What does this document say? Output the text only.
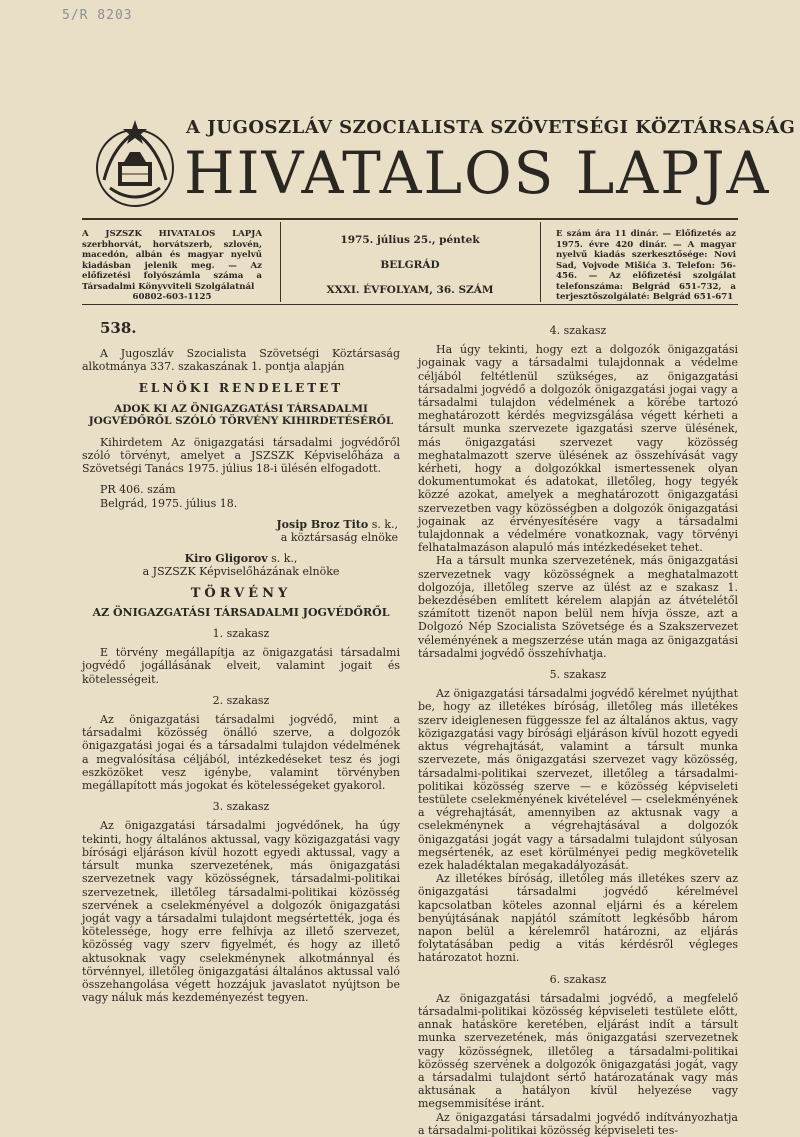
5/R 8203
A JUGOSZLÁV SZOCIALISTA SZÖVETSÉGI KÖZTÁRSASÁG
HIVATALOS LAPJA
A JSZSZK HIVATALOS LAPJA szerbhorvát, horvátszerb, szlovén, macedón, albán és magyar nyelvű kiadásban jelenik meg. — Az előfizetési folyószámla száma a Társadalmi Könyvviteli Szolgálatnál
60802-603-1125
1975. július 25., péntek
BELGRÁD
XXXI. ÉVFOLYAM, 36. SZÁM
E szám ára 11 dinár. — Előfizetés az 1975. évre 420 dinár. — A magyar nyelvű kiadás szerkesztősége: Novi Sad, Vojvode Mišića 3. Telefon: 56-456. — Az előfizetési szolgálat telefonszáma: Belgrád 651-732, a terjesztőszolgálaté: Belgrád 651-671

538.

A Jugoszláv Szocialista Szövetségi Köztársaság alkotmánya 337. szakaszának 1. pontja alapján

ELNÖKI RENDELETET

ADOK KI AZ ÖNIGAZGATÁSI TÁRSADALMI JOGVÉDŐRŐL SZÓLÓ TÖRVÉNY KIHIRDETÉSÉRŐL

Kihirdetem Az önigazgatási társadalmi jogvédőről szóló törvényt, amelyet a JSZSZK Képviselőháza a Szövetségi Tanács 1975. július 18-i ülésén elfogadott.

PR 406. szám

Belgrád, 1975. július 18.

Josip Broz Tito s. k.,

a köztársaság elnöke

Kiro Gligorov s. k.,

a JSZSZK Képviselőházának elnöke

TÖRVÉNY

AZ ÖNIGAZGATÁSI TÁRSADALMI JOGVÉDŐRŐL

1. szakasz

E törvény megállapítja az önigazgatási társadalmi jogvédő jogállásának elveit, valamint jogait és kötelességeit.

2. szakasz

Az önigazgatási társadalmi jogvédő, mint a társadalmi közösség önálló szerve, a dolgozók önigazgatási jogai és a társadalmi tulajdon védelmének a megvalósítása céljából, intézkedéseket tesz és jogi eszközöket vesz igénybe, valamint törvényben megállapított más jogokat és kötelességeket gyakorol.

3. szakasz

Az önigazgatási társadalmi jogvédőnek, ha úgy tekinti, hogy általános aktussal, vagy közigazgatási vagy bírósági eljáráson kívül hozott egyedi aktussal, vagy a társult munka szervezetének, más önigazgatási szervezetnek vagy közösségnek, társadalmi-politikai szervezetnek, illetőleg társadalmi-politikai közösség szervének a cselekményével a dolgozók önigazgatási jogát vagy a társadalmi tulajdont megsértették, joga és kötelessége, hogy erre felhívja az illető szervezet, közösség vagy szerv figyelmét, és hogy az illető aktusoknak vagy cselekménynek alkotmánnyal és törvénnyel, illetőleg önigazgatási általános aktussal való összehangolása végett hozzájuk javaslatot nyújtson be vagy náluk más kezdeményezést tegyen.

4. szakasz

Ha úgy tekinti, hogy ezt a dolgozók önigazgatási jogainak vagy a társadalmi tulajdonnak a védelme céljából feltétlenül szükséges, az önigazgatási társadalmi jogvédő a dolgozók önigazgatási jogai vagy a társadalmi tulajdon védelmének a körébe tartozó meghatározott kérdés megvizsgálása végett kérheti a társult munka szervezete igazgatási szerve ülésének, más önigazgatási szervezet vagy közösség meghatalmazott szerve ülésének az összehívását vagy kérheti, hogy a dolgozókkal ismertessenek olyan dokumentumokat és adatokat, illetőleg, hogy tegyék közzé azokat, amelyek a meghatározott önigazgatási szervezetben vagy közösségben a dolgozók önigazgatási jogainak az érvényesítésére vagy a társadalmi tulajdonnak a védelmére vonatkoznak, vagy törvényi felhatalmazáson alapuló más intézkedéseket tehet.

Ha a társult munka szervezetének, más önigazgatási szervezetnek vagy közösségnek a meghatalmazott dolgozója, illetőleg szerve az ülést az e szakasz 1. bekezdésében említett kérelem alapján az átvételétől számított tizenöt napon belül nem hívja össze, azt a Dolgozó Nép Szocialista Szövetsége és a Szakszervezet véleményének a megszerzése után maga az önigazgatási társadalmi jogvédő összehívhatja.

5. szakasz

Az önigazgatási társadalmi jogvédő kérelmet nyújthat be, hogy az illetékes bíróság, illetőleg más illetékes szerv ideiglenesen függessze fel az általános aktus, vagy közigazgatási vagy bírósági eljáráson kívül hozott egyedi aktus végrehajtását, valamint a társult munka szervezete, más önigazgatási szervezet vagy közösség, társadalmi-politikai szervezet, illetőleg a társadalmi-politikai közösség szerve — e közösség képviseleti testülete cselekményének kivételével — cselekményének a végrehajtását, amennyiben az aktusnak vagy a cselekménynek a végrehajtásával a dolgozók önigazgatási jogát vagy a társadalmi tulajdont súlyosan megsértenék, az eset körülményei pedig megkövetelik ezek haladéktalan megakadályozását.

Az illetékes bíróság, illetőleg más illetékes szerv az önigazgatási társadalmi jogvédő kérelmével kapcsolatban köteles azonnal eljárni és a kérelem benyújtásának napjától számított legkésőbb három napon belül a kérelemről határozni, az eljárás folytatásában pedig a vitás kérdésről végleges határozatot hozni.

6. szakasz

Az önigazgatási társadalmi jogvédő, a megfelelő társadalmi-politikai közösség képviseleti testülete előtt, annak hatásköre keretében, eljárást indít a társult munka szervezetének, más önigazgatási szervezetnek vagy közösségnek, illetőleg a társadalmi-politikai közösség szervének a dolgozók önigazgatási jogát, vagy a társadalmi tulajdont sértő határozatának vagy más aktusának a hatályon kívül helyezése vagy megsemmisítése iránt.

Az önigazgatási társadalmi jogvédő indítványozhatja a társadalmi-politikai közösség képviseleti tes-
